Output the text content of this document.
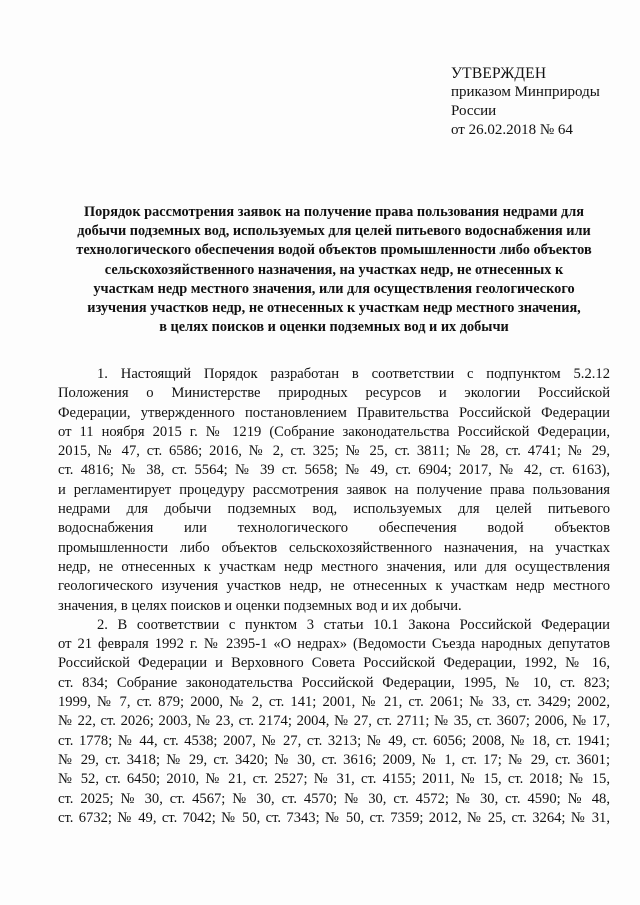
УТВЕРЖДЕН
приказом Минприроды
России
от 26.02.2018 № 64
Порядок рассмотрения заявок на получение права пользования недрами для
добычи подземных вод, используемых для целей питьевого водоснабжения или
технологического обеспечения водой объектов промышленности либо объектов
сельскохозяйственного назначения, на участках недр, не отнесенных к
участкам недр местного значения, или для осуществления геологического
изучения участков недр, не отнесенных к участкам недр местного значения,
в целях поисков и оценки подземных вод и их добычи
1. Настоящий Порядок разработан в соответствии с подпунктом 5.2.12
Положения о Министерстве природных ресурсов и экологии Российской
Федерации, утвержденного постановлением Правительства Российской Федерации
от 11 ноября 2015 г. № 1219 (Собрание законодательства Российской Федерации,
2015, № 47, ст. 6586; 2016, № 2, ст. 325; № 25, ст. 3811; № 28, ст. 4741; № 29,
ст. 4816; № 38, ст. 5564; № 39 ст. 5658; № 49, ст. 6904; 2017, № 42, ст. 6163),
и регламентирует процедуру рассмотрения заявок на получение права пользования
недрами для добычи подземных вод, используемых для целей питьевого
водоснабжения или технологического обеспечения водой объектов
промышленности либо объектов сельскохозяйственного назначения, на участках
недр, не отнесенных к участкам недр местного значения, или для осуществления
геологического изучения участков недр, не отнесенных к участкам недр местного
значения, в целях поисков и оценки подземных вод и их добычи.
2. В соответствии с пунктом 3 статьи 10.1 Закона Российской Федерации
от 21 февраля 1992 г. № 2395-1 «О недрах» (Ведомости Съезда народных депутатов
Российской Федерации и Верховного Совета Российской Федерации, 1992, № 16,
ст. 834; Собрание законодательства Российской Федерации, 1995, № 10, ст. 823;
1999, № 7, ст. 879; 2000, № 2, ст. 141; 2001, № 21, ст. 2061; № 33, ст. 3429; 2002,
№ 22, ст. 2026; 2003, № 23, ст. 2174; 2004, № 27, ст. 2711; № 35, ст. 3607; 2006, № 17,
ст. 1778; № 44, ст. 4538; 2007, № 27, ст. 3213; № 49, ст. 6056; 2008, № 18, ст. 1941;
№ 29, ст. 3418; № 29, ст. 3420; № 30, ст. 3616; 2009, № 1, ст. 17; № 29, ст. 3601;
№ 52, ст. 6450; 2010, № 21, ст. 2527; № 31, ст. 4155; 2011, № 15, ст. 2018; № 15,
ст. 2025; № 30, ст. 4567; № 30, ст. 4570; № 30, ст. 4572; № 30, ст. 4590; № 48,
ст. 6732; № 49, ст. 7042; № 50, ст. 7343; № 50, ст. 7359; 2012, № 25, ст. 3264; № 31,
